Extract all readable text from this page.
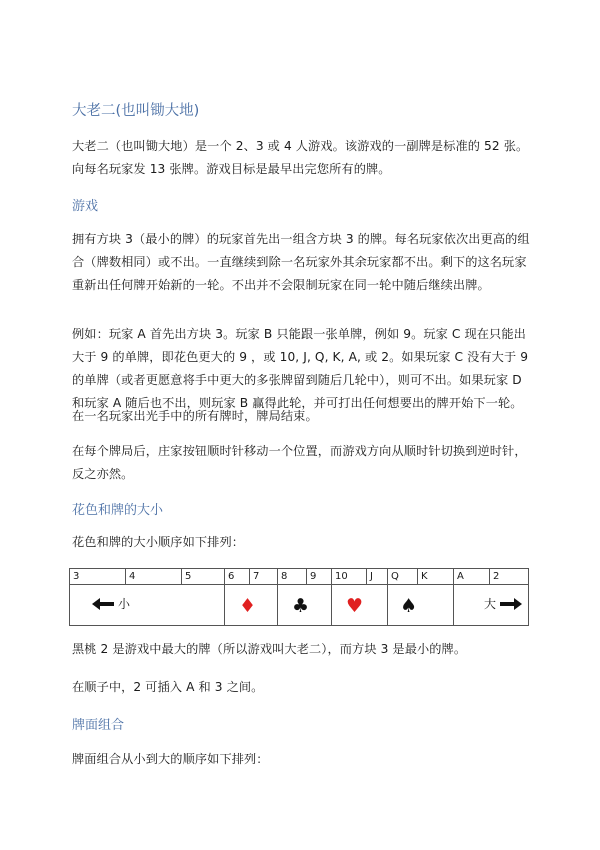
大老二(也叫锄大地)

大老二（也叫锄大地）是一个 2、3 或 4 人游戏。该游戏的一副牌是标准的 52 张。向每名玩家发 13 张牌。游戏目标是最早出完您所有的牌。

游戏

拥有方块 3（最小的牌）的玩家首先出一组含方块 3 的牌。每名玩家依次出更高的组合（牌数相同）或不出。一直继续到除一名玩家外其余玩家都不出。剩下的这名玩家重新出任何牌开始新的一轮。不出并不会限制玩家在同一轮中随后继续出牌。

例如：玩家 A 首先出方块 3。玩家 B 只能跟一张单牌，例如 9。玩家 C 现在只能出大于 9 的单牌，即花色更大的 9 ，或 10, J, Q, K, A, 或 2。如果玩家 C 没有大于 9 的单牌（或者更愿意将手中更大的多张牌留到随后几轮中），则可不出。如果玩家 D 和玩家 A 随后也不出，则玩家 B 赢得此轮，并可打出任何想要出的牌开始下一轮。

在一名玩家出光手中的所有牌时，牌局结束。

在每个牌局后，庄家按钮顺时针移动一个位置，而游戏方向从顺时针切换到逆时针，反之亦然。

花色和牌的大小

花色和牌的大小顺序如下排列：

黑桃 2 是游戏中最大的牌（所以游戏叫大老二），而方块 3 是最小的牌。

在顺子中，2 可插入 A 和 3 之间。

牌面组合

牌面组合从小到大的顺序如下排列：

3	4	5	6	7	8	9	10	J	Q	K	A	2
小	♦ ♣ ♥ ♠	大
